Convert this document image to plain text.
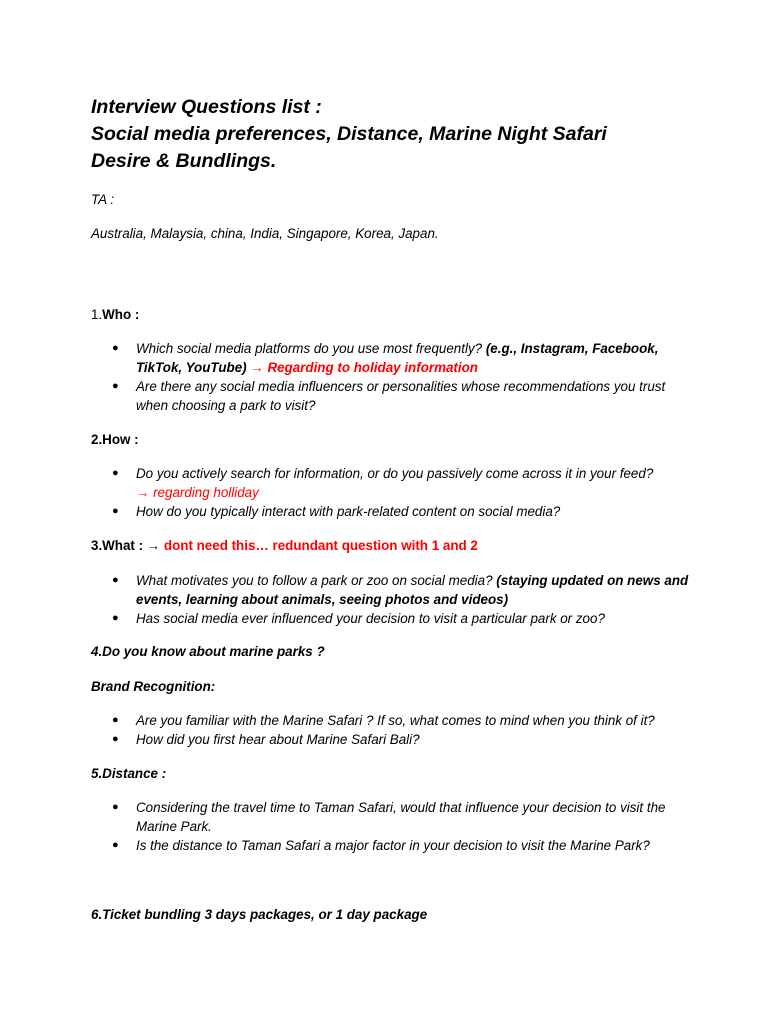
Interview Questions list :
Social media preferences, Distance, Marine Night Safari
Desire & Bundlings.

TA :

Australia, Malaysia, china, India, Singapore, Korea, Japan.

1.Who :

● Which social media platforms do you use most frequently? (e.g., Instagram, Facebook, TikTok, YouTube) → Regarding to holiday information
● Are there any social media influencers or personalities whose recommendations you trust when choosing a park to visit?

2.How :

● Do you actively search for information, or do you passively come across it in your feed?
→ regarding holliday
● How do you typically interact with park-related content on social media?

3.What : → dont need this… redundant question with 1 and 2

● What motivates you to follow a park or zoo on social media? (staying updated on news and events, learning about animals, seeing photos and videos)
● Has social media ever influenced your decision to visit a particular park or zoo?

4.Do you know about marine parks ?

Brand Recognition:

● Are you familiar with the Marine Safari ? If so, what comes to mind when you think of it?
● How did you first hear about Marine Safari Bali?

5.Distance :

● Considering the travel time to Taman Safari, would that influence your decision to visit the Marine Park.
● Is the distance to Taman Safari a major factor in your decision to visit the Marine Park?

6.Ticket bundling 3 days packages, or 1 day package
